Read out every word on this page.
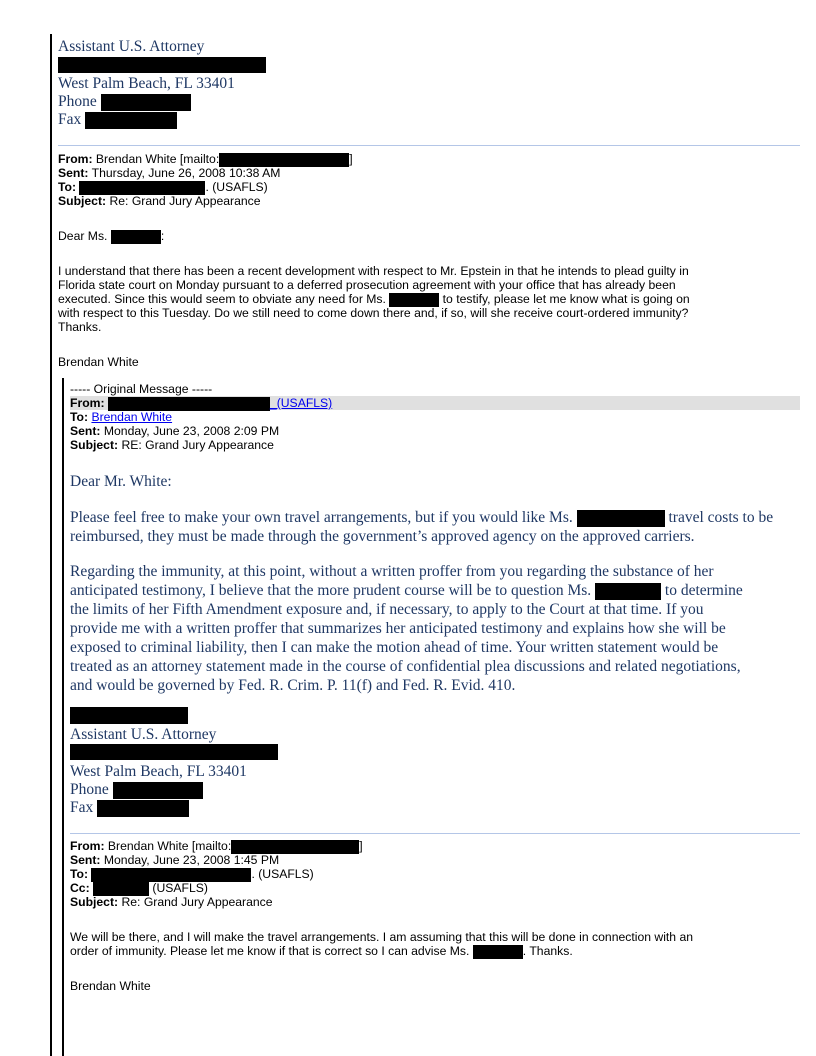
Assistant U.S. Attorney
West Palm Beach, FL 33401
Phone
Fax
From: Brendan White [mailto:	]
Sent: Thursday, June 26, 2008 10:38 AM
To:	. (USAFLS)
Subject: Re: Grand Jury Appearance
Dear Ms.	:
I understand that there has been a recent development with respect to Mr. Epstein in that he intends to plead guilty in
Florida state court on Monday pursuant to a deferred prosecution agreement with your office that has already been
executed. Since this would seem to obviate any need for Ms.	to testify, please let me know what is going on
with respect to this Tuesday. Do we still need to come down there and, if so, will she receive court-ordered immunity?
Thanks.
Brendan White
----- Original Message -----
From:	_(USAFLS)
To: Brendan White
Sent: Monday, June 23, 2008 2:09 PM
Subject: RE: Grand Jury Appearance
Dear Mr. White:
Please feel free to make your own travel arrangements, but if you would like Ms.	travel costs to be
reimbursed, they must be made through the government’s approved agency on the approved carriers.
Regarding the immunity, at this point, without a written proffer from you regarding the substance of her
anticipated testimony, I believe that the more prudent course will be to question Ms.	to determine
the limits of her Fifth Amendment exposure and, if necessary, to apply to the Court at that time. If you
provide me with a written proffer that summarizes her anticipated testimony and explains how she will be
exposed to criminal liability, then I can make the motion ahead of time. Your written statement would be
treated as an attorney statement made in the course of confidential plea discussions and related negotiations,
and would be governed by Fed. R. Crim. P. 11(f) and Fed. R. Evid. 410.
Assistant U.S. Attorney
West Palm Beach, FL 33401
Phone
Fax
From: Brendan White [mailto:	]
Sent: Monday, June 23, 2008 1:45 PM
To:	. (USAFLS)
Cc:	(USAFLS)
Subject: Re: Grand Jury Appearance
We will be there, and I will make the travel arrangements. I am assuming that this will be done in connection with an
order of immunity. Please let me know if that is correct so I can advise Ms.	. Thanks.
Brendan White
